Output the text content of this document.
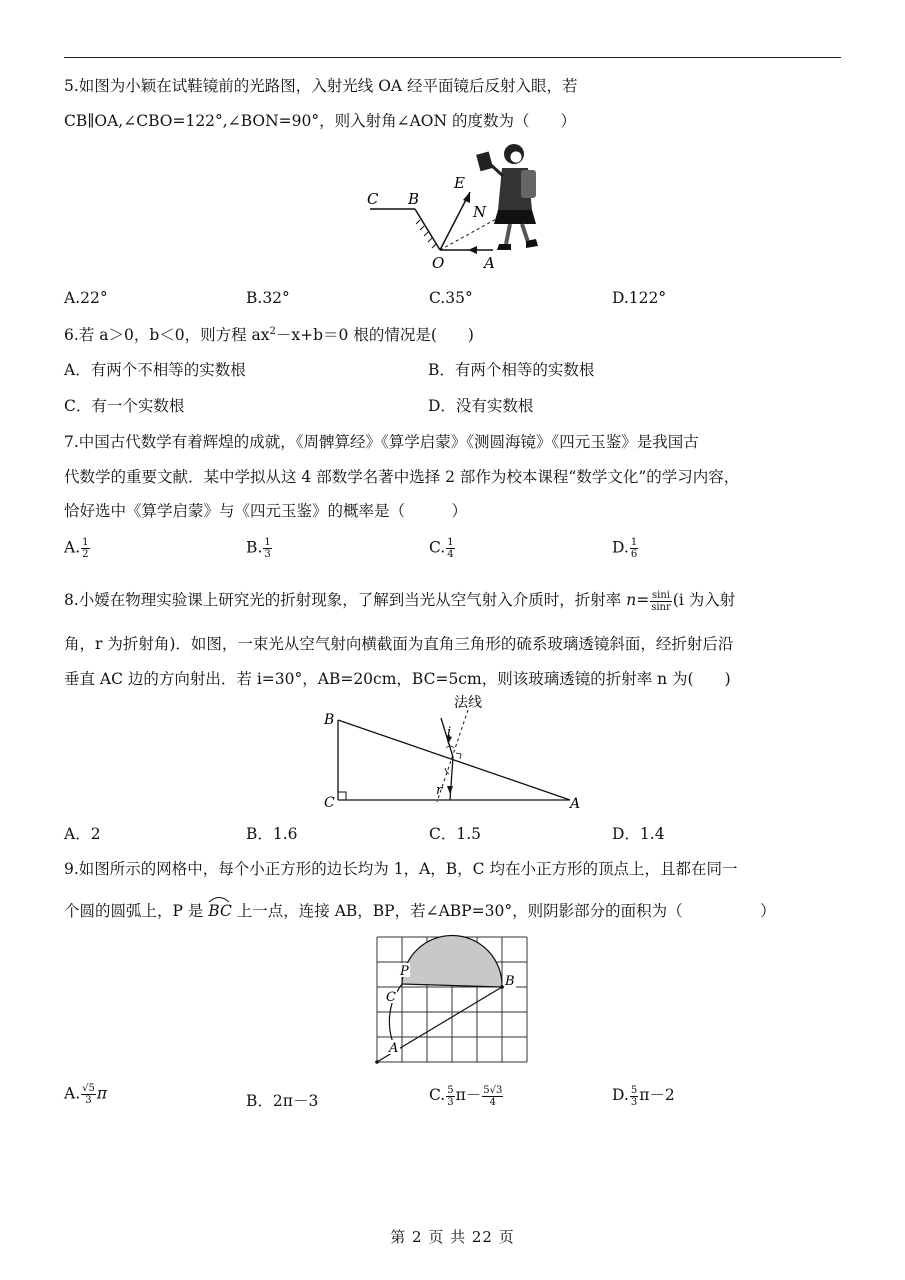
5.如图为小颖在试鞋镜前的光路图，入射光线 OA 经平面镜后反射入眼，若
CB∥OA,∠CBO=122°,∠BON=90°，则入射角∠AON 的度数为（　　）
C B
E
N
O	A
A.22°	B.32°	C.35°	D.122°
6.若 a＞0，b＜0，则方程 $ax^2-x+b=0$ 根的情况是(　　)
A．有两个不相等的实数根	B．有两个相等的实数根
C．有一个实数根	D．没有实数根
7.中国古代数学有着辉煌的成就，《周髀算经》《算学启蒙》《测圆海镜》《四元玉鉴》是我国古
代数学的重要文献．某中学拟从这 4 部数学名著中选择 2 部作为校本课程“数学文化”的学习内容，
恰好选中《算学启蒙》与《四元玉鉴》的概率是（　　　）
A. $\frac{1}{2}$	B. $\frac{1}{3}$	C. $\frac{1}{4}$	D. $\frac{1}{6}$
8.小嫒在物理实验课上研究光的折射现象，了解到当光从空气射入介质时，折射率 $n= \frac{\sin i}{\sin r} (i$ 为入射
角，r 为折射角)．如图，一束光从空气射向横截面为直角三角形的硫系玻璃透镜斜面，经折射后沿
垂直 AC 边的方向射出．若 i=30°，AB=20cm，BC=5cm，则该玻璃透镜的折射率 n 为(　　)
法线
B
C	A
i
r
A．2	B．1.6	C．1.5	D．1.4
9.如图所示的网格中，每个小正方形的边长均为 1，A，B，C 均在小正方形的顶点上，且都在同一
个圆的圆弧上，P 是 BC 上一点，连接 AB，BP，若∠ABP=30°，则阴影部分的面积为（　　　　　）
P
B
C
A
A. $\frac{√5}{3}$ π	B．2π－3	C. $\frac{5}{3} \pi- \frac{5√3}{4}$	D. $\frac{5}{3} \pi-2$
第 2 页 共 22 页
